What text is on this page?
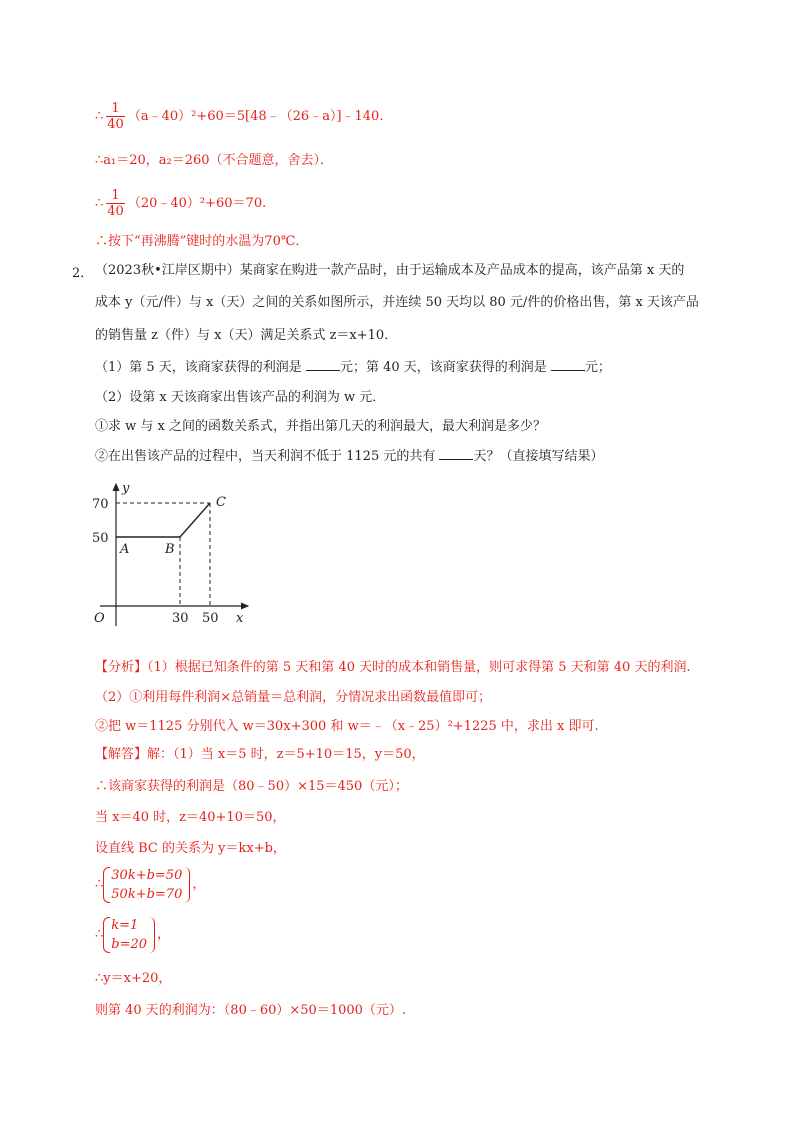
∴ $\frac{1}{40}$ （a﹣40）²+60＝5[48﹣（26﹣a）]﹣140．
∴a₁＝20，a₂＝260（不合题意，舍去）．
∴ $\frac{1}{40}$ （20﹣40）²+60＝70.
∴按下“再沸腾”键时的水温为70℃．
2． （2023秋•江岸区期中）某商家在购进一款产品时，由于运输成本及产品成本的提高，该产品第 x 天的
成本 y（元/件）与 x（天）之间的关系如图所示，并连续 50 天均以 80 元/件的价格出售，第 x 天该产品
的销售量 z（件）与 x（天）满足关系式 z＝x+10．
（1）第 5 天，该商家获得的利润是	元；第 40 天，该商家获得的利润是	元；
（2）设第 x 天该商家出售该产品的利润为 w 元．
①求 w 与 x 之间的函数关系式，并指出第几天的利润最大，最大利润是多少？
②在出售该产品的过程中，当天利润不低于 1125 元的共有	天？（直接填写结果）
y
x
O
70
50
30 50
A	B
C
【分析】（1）根据已知条件的第 5 天和第 40 天时的成本和销售量，则可求得第 5 天和第 40 天的利润.
（2）①利用每件利润×总销量＝总利润，分情况求出函数最值即可；
②把 w＝1125 分别代入 w＝30x+300 和 w＝﹣（x﹣25）²+1225 中，求出 x 即可.
【解答】解：（1）当 x＝5 时，z＝5+10＝15，y＝50，
∴该商家获得的利润是（80﹣50）×15＝450（元）；
当 x＝40 时，z＝40+10＝50，
设直线 BC 的关系为 y＝kx+b，
∴
30k+b=50
50k+b=70
，
∴
k=1
b=20
，
∴y＝x+20，
则第 40 天的利润为：（80﹣60）×50＝1000（元）.
